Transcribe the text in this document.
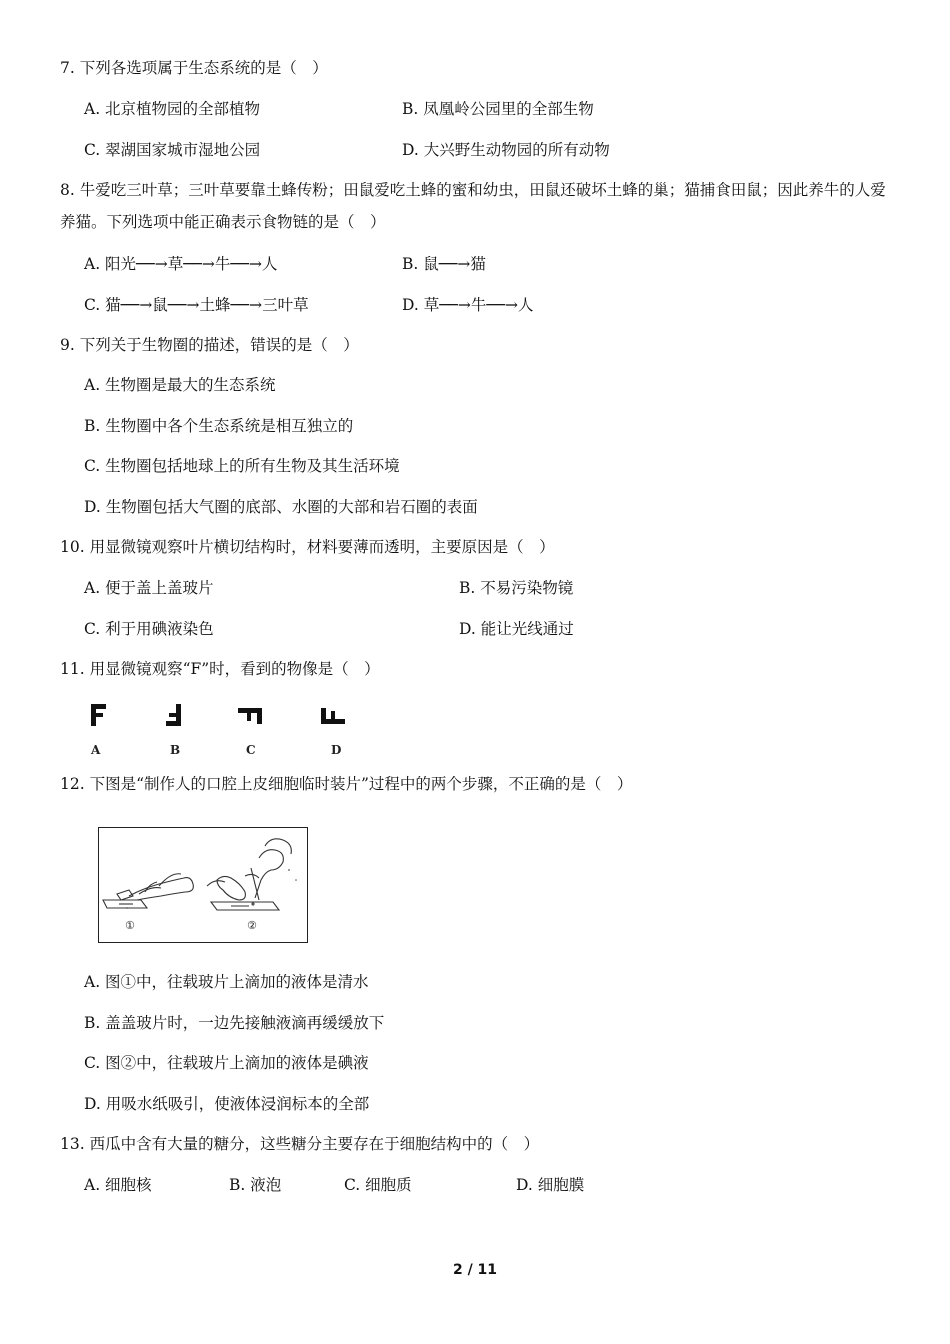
7. 下列各选项属于生态系统的是（　）
A. 北京植物园的全部植物	B. 凤凰岭公园里的全部生物
C. 翠湖国家城市湿地公园	D. 大兴野生动物园的所有动物
8. 牛爱吃三叶草；三叶草要靠土蜂传粉；田鼠爱吃土蜂的蜜和幼虫，田鼠还破坏土蜂的巢；猫捕食田鼠；因此养牛的人爱养猫。下列选项中能正确表示食物链的是（　）
A. 阳光──→草──→牛──→人	B. 鼠──→猫
C. 猫──→鼠──→土蜂──→三叶草	D. 草──→牛──→人
9. 下列关于生物圈的描述，错误的是（　）
A. 生物圈是最大的生态系统
B. 生物圈中各个生态系统是相互独立的
C. 生物圈包括地球上的所有生物及其生活环境
D. 生物圈包括大气圈的底部、水圈的大部和岩石圈的表面
10. 用显微镜观察叶片横切结构时，材料要薄而透明，主要原因是（　）
A. 便于盖上盖玻片	B. 不易污染物镜
C. 利于用碘液染色	D. 能让光线通过
11. 用显微镜观察“F”时，看到的物像是（　）
A	B	C	D
12. 下图是“制作人的口腔上皮细胞临时装片”过程中的两个步骤，不正确的是（　）
①	②
A. 图①中，往载玻片上滴加的液体是清水
B. 盖盖玻片时，一边先接触液滴再缓缓放下
C. 图②中，往载玻片上滴加的液体是碘液
D. 用吸水纸吸引，使液体浸润标本的全部
13. 西瓜中含有大量的糖分，这些糖分主要存在于细胞结构中的（　）
A. 细胞核	B. 液泡	C. 细胞质	D. 细胞膜
2 / 11
